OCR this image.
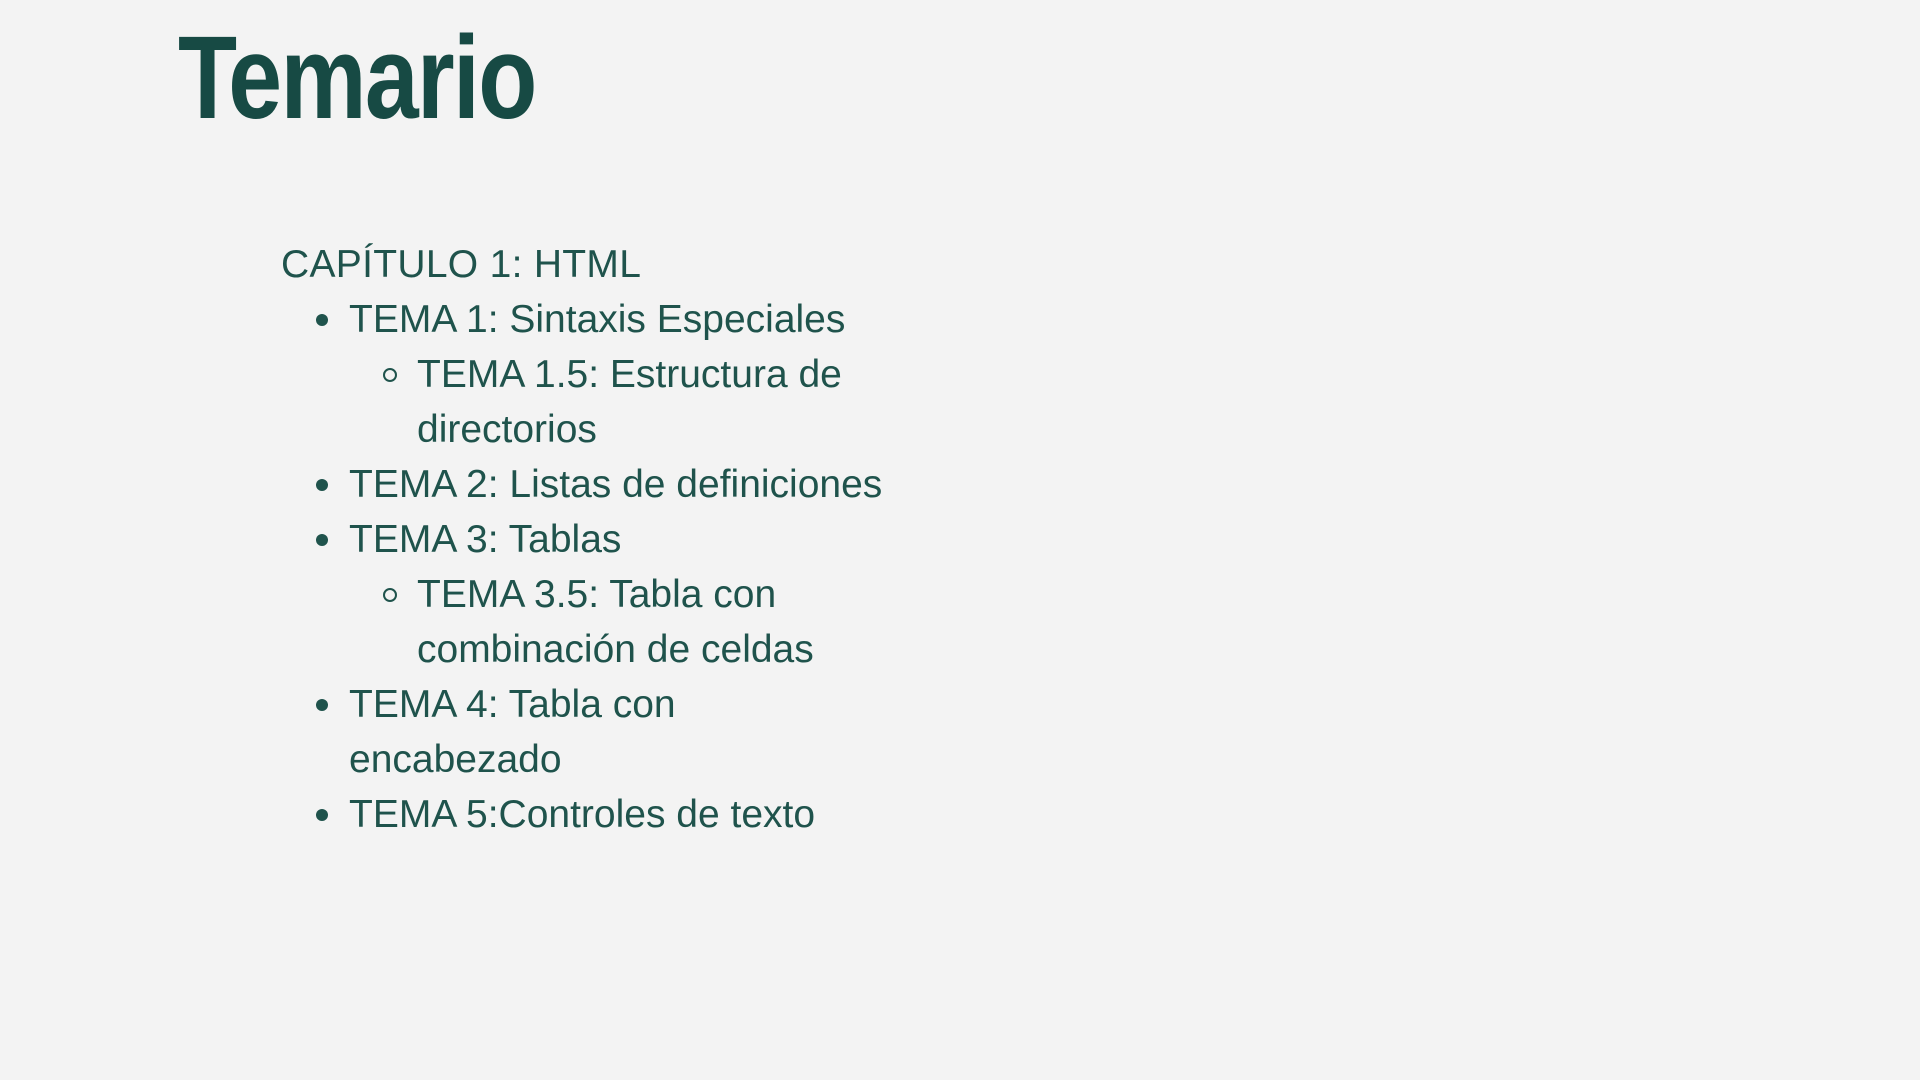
Temario

CAPÍTULO 1: HTML

TEMA 1: Sintaxis Especiales
TEMA 1.5: Estructura de directorios
TEMA 2: Listas de definiciones
TEMA 3: Tablas
TEMA 3.5: Tabla con combinación de celdas
TEMA 4: Tabla con encabezado
TEMA 5:Controles de texto
